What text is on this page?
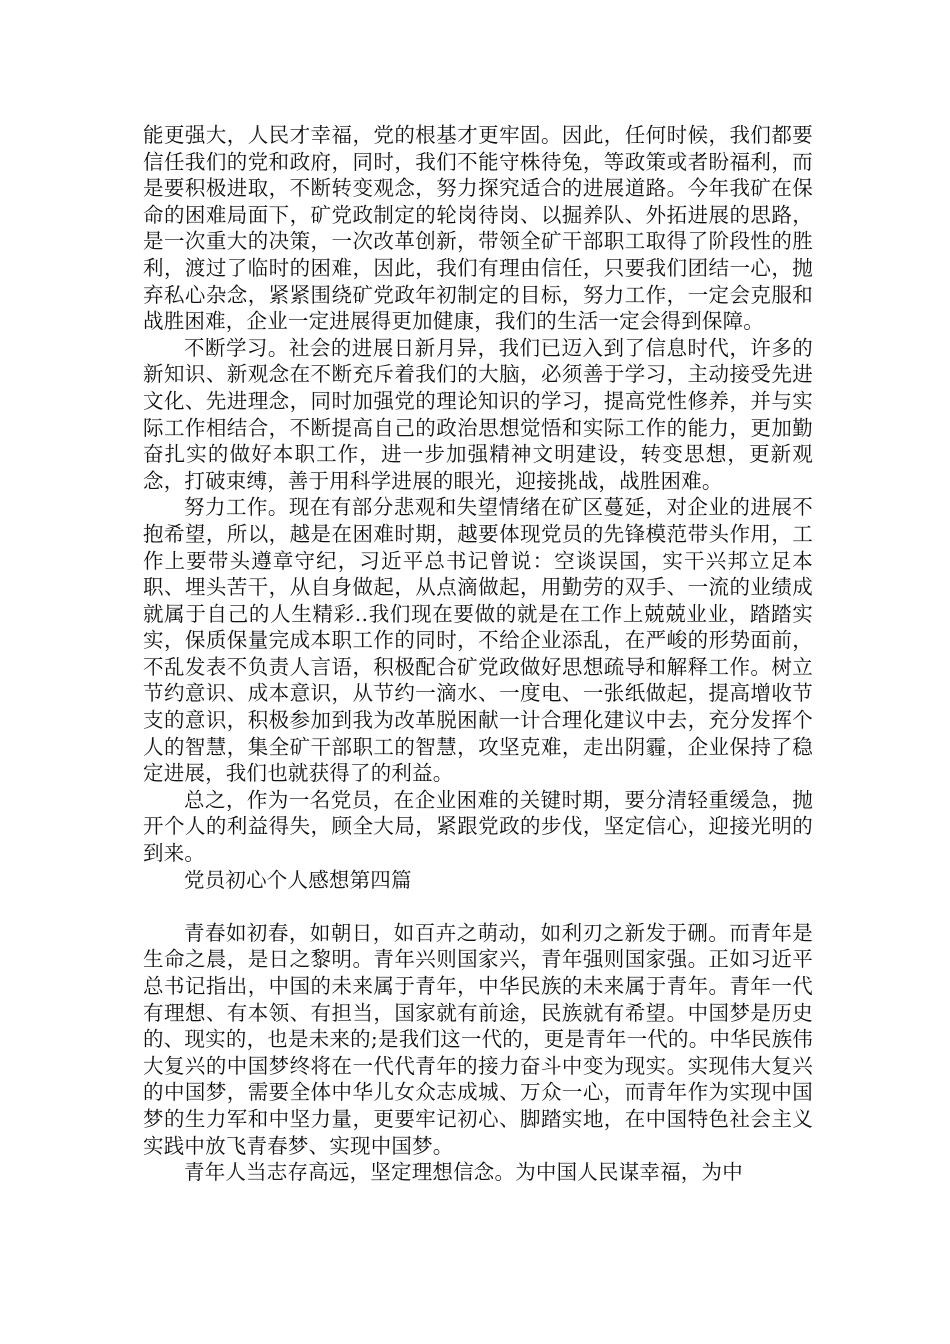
能更强大，人民才幸福，党的根基才更牢固。因此，任何时候，我们都要信任我们的党和政府，同时，我们不能守株待兔，等政策或者盼福利，而是要积极进取，不断转变观念，努力探究适合的进展道路。今年我矿在保命的困难局面下，矿党政制定的轮岗待岗、以掘养队、外拓进展的思路，是一次重大的决策，一次改革创新，带领全矿干部职工取得了阶段性的胜利，渡过了临时的困难，因此，我们有理由信任，只要我们团结一心，抛弃私心杂念，紧紧围绕矿党政年初制定的目标，努力工作，一定会克服和战胜困难，企业一定进展得更加健康，我们的生活一定会得到保障。

不断学习。社会的进展日新月异，我们已迈入到了信息时代，许多的新知识、新观念在不断充斥着我们的大脑，必须善于学习，主动接受先进文化、先进理念，同时加强党的理论知识的学习，提高党性修养，并与实际工作相结合，不断提高自己的政治思想觉悟和实际工作的能力，更加勤奋扎实的做好本职工作，进一步加强精神文明建设，转变思想，更新观念，打破束缚，善于用科学进展的眼光，迎接挑战，战胜困难。

努力工作。现在有部分悲观和失望情绪在矿区蔓延，对企业的进展不抱希望，所以，越是在困难时期，越要体现党员的先锋模范带头作用，工作上要带头遵章守纪，习近平总书记曾说：空谈误国，实干兴邦立足本职、埋头苦干，从自身做起，从点滴做起，用勤劳的双手、一流的业绩成就属于自己的人生精彩..我们现在要做的就是在工作上兢兢业业，踏踏实实，保质保量完成本职工作的同时，不给企业添乱，在严峻的形势面前，不乱发表不负责人言语，积极配合矿党政做好思想疏导和解释工作。树立节约意识、成本意识，从节约一滴水、一度电、一张纸做起，提高增收节支的意识，积极参加到我为改革脱困献一计合理化建议中去，充分发挥个人的智慧，集全矿干部职工的智慧，攻坚克难，走出阴霾，企业保持了稳定进展，我们也就获得了的利益。

总之，作为一名党员，在企业困难的关键时期，要分清轻重缓急，抛开个人的利益得失，顾全大局，紧跟党政的步伐，坚定信心，迎接光明的到来。

党员初心个人感想第四篇

青春如初春，如朝日，如百卉之萌动，如利刃之新发于硎。而青年是生命之晨，是日之黎明。青年兴则国家兴，青年强则国家强。正如习近平总书记指出，中国的未来属于青年，中华民族的未来属于青年。青年一代有理想、有本领、有担当，国家就有前途，民族就有希望。中国梦是历史的、现实的，也是未来的;是我们这一代的，更是青年一代的。中华民族伟大复兴的中国梦终将在一代代青年的接力奋斗中变为现实。实现伟大复兴的中国梦，需要全体中华儿女众志成城、万众一心，而青年作为实现中国梦的生力军和中坚力量，更要牢记初心、脚踏实地，在中国特色社会主义实践中放飞青春梦、实现中国梦。

青年人当志存高远，坚定理想信念。为中国人民谋幸福，为中
